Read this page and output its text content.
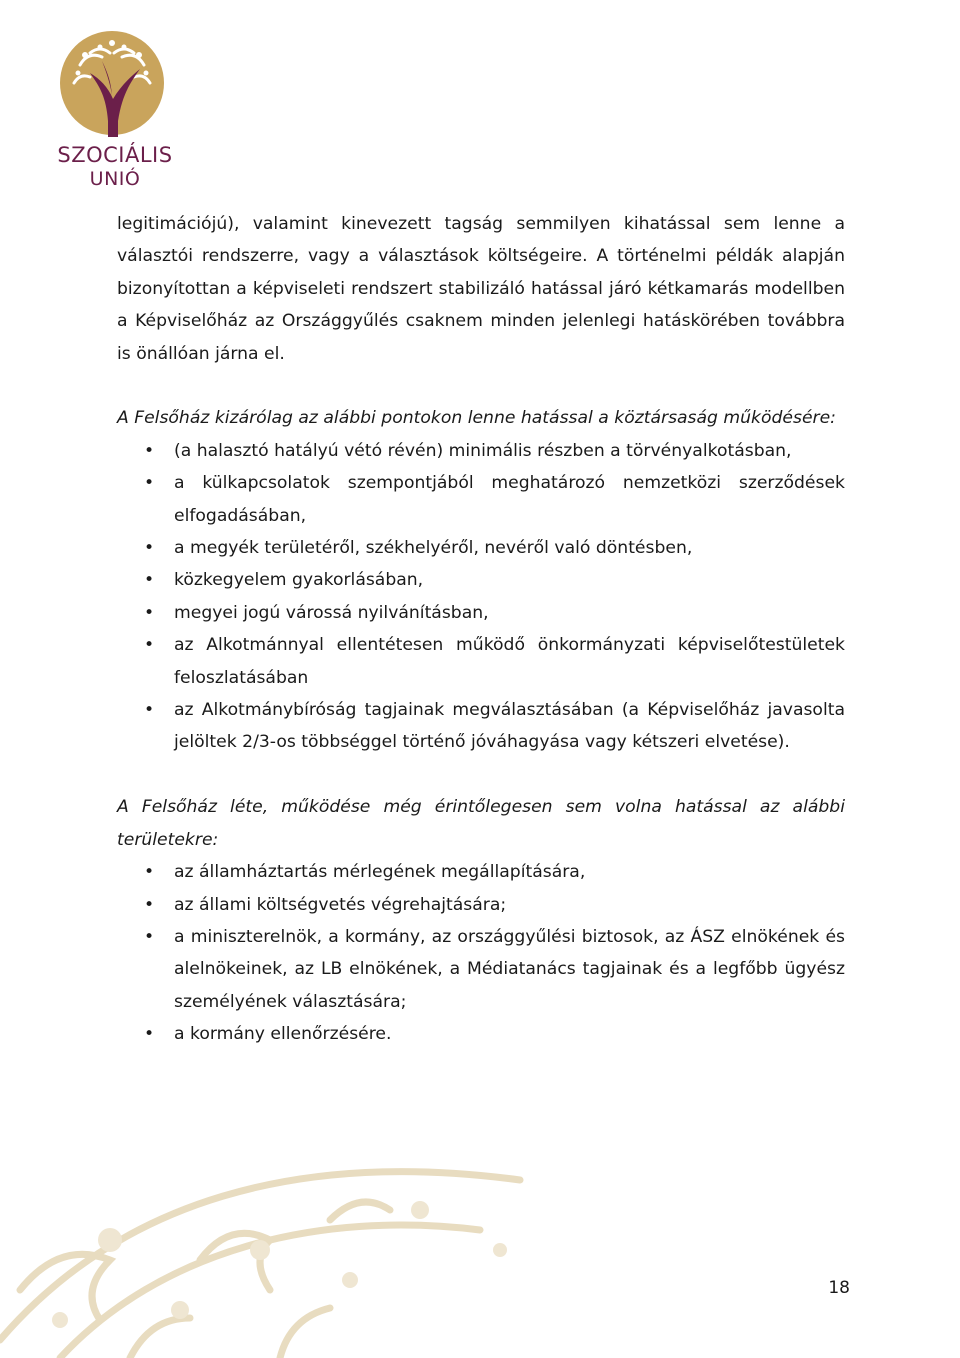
SZOCIÁLIS
UNIÓ

legitimációjú), valamint kinevezett tagság semmilyen kihatással sem lenne a választói rendszerre, vagy a választások költségeire. A történelmi példák alapján bizonyítottan a képviseleti rendszert stabilizáló hatással járó kétkamarás modellben a Képviselőház az Országgyűlés csaknem minden jelenlegi hatáskörében továbbra is önállóan járna el.

A Felsőház kizárólag az alábbi pontokon lenne hatással a köztársaság működésére:

• (a halasztó hatályú vétó révén) minimális részben a törvényalkotásban,
• a külkapcsolatok szempontjából meghatározó nemzetközi szerződések elfogadásában,
• a megyék területéről, székhelyéről, nevéről való döntésben,
• közkegyelem gyakorlásában,
• megyei jogú várossá nyilvánításban,
• az Alkotmánnyal ellentétesen működő önkormányzati képviselőtestületek feloszlatásában
• az Alkotmánybíróság tagjainak megválasztásában (a Képviselőház javasolta jelöltek 2/3-os többséggel történő jóváhagyása vagy kétszeri elvetése).

A Felsőház léte, működése még érintőlegesen sem volna hatással az alábbi területekre:

• az államháztartás mérlegének megállapítására,
• az állami költségvetés végrehajtására;
• a miniszterelnök, a kormány, az országgyűlési biztosok, az ÁSZ elnökének és alelnökeinek, az LB elnökének, a Médiatanács tagjainak és a legfőbb ügyész személyének választására;
• a kormány ellenőrzésére.
18
